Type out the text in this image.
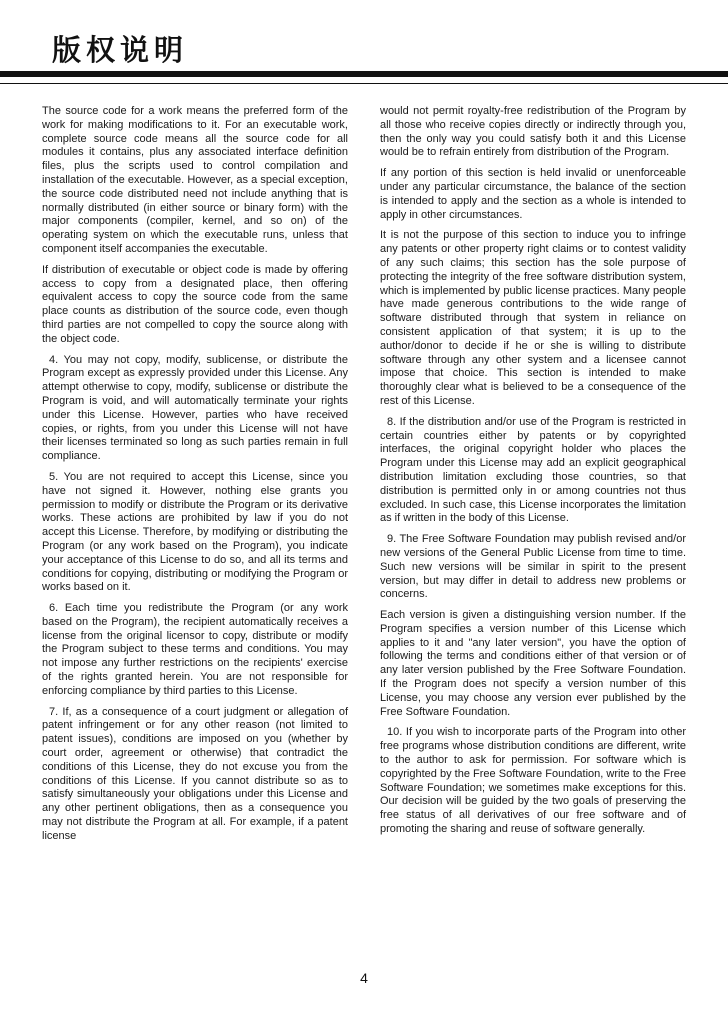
版权说明

The source code for a work means the preferred form of the work for making modifications to it. For an executable work, complete source code means all the source code for all modules it contains, plus any associated interface definition files, plus the scripts used to control compilation and installation of the executable. However, as a special exception, the source code distributed need not include anything that is normally distributed (in either source or binary form) with the major components (compiler, kernel, and so on) of the operating system on which the executable runs, unless that component itself accompanies the executable.

If distribution of executable or object code is made by offering access to copy from a designated place, then offering equivalent access to copy the source code from the same place counts as distribution of the source code, even though third parties are not compelled to copy the source along with the object code.

4. You may not copy, modify, sublicense, or distribute the Program except as expressly provided under this License. Any attempt otherwise to copy, modify, sublicense or distribute the Program is void, and will automatically terminate your rights under this License. However, parties who have received copies, or rights, from you under this License will not have their licenses terminated so long as such parties remain in full compliance.

5. You are not required to accept this License, since you have not signed it. However, nothing else grants you permission to modify or distribute the Program or its derivative works. These actions are prohibited by law if you do not accept this License. Therefore, by modifying or distributing the Program (or any work based on the Program), you indicate your acceptance of this License to do so, and all its terms and conditions for copying, distributing or modifying the Program or works based on it.

6. Each time you redistribute the Program (or any work based on the Program), the recipient automatically receives a license from the original licensor to copy, distribute or modify the Program subject to these terms and conditions. You may not impose any further restrictions on the recipients' exercise of the rights granted herein. You are not responsible for enforcing compliance by third parties to this License.

7. If, as a consequence of a court judgment or allegation of patent infringement or for any other reason (not limited to patent issues), conditions are imposed on you (whether by court order, agreement or otherwise) that contradict the conditions of this License, they do not excuse you from the conditions of this License. If you cannot distribute so as to satisfy simultaneously your obligations under this License and any other pertinent obligations, then as a consequence you may not distribute the Program at all. For example, if a patent license

would not permit royalty-free redistribution of the Program by all those who receive copies directly or indirectly through you, then the only way you could satisfy both it and this License would be to refrain entirely from distribution of the Program.

If any portion of this section is held invalid or unenforceable under any particular circumstance, the balance of the section is intended to apply and the section as a whole is intended to apply in other circumstances.

It is not the purpose of this section to induce you to infringe any patents or other property right claims or to contest validity of any such claims; this section has the sole purpose of protecting the integrity of the free software distribution system, which is implemented by public license practices. Many people have made generous contributions to the wide range of software distributed through that system in reliance on consistent application of that system; it is up to the author/donor to decide if he or she is willing to distribute software through any other system and a licensee cannot impose that choice. This section is intended to make thoroughly clear what is believed to be a consequence of the rest of this License.

8. If the distribution and/or use of the Program is restricted in certain countries either by patents or by copyrighted interfaces, the original copyright holder who places the Program under this License may add an explicit geographical distribution limitation excluding those countries, so that distribution is permitted only in or among countries not thus excluded. In such case, this License incorporates the limitation as if written in the body of this License.

9. The Free Software Foundation may publish revised and/or new versions of the General Public License from time to time. Such new versions will be similar in spirit to the present version, but may differ in detail to address new problems or concerns.

Each version is given a distinguishing version number. If the Program specifies a version number of this License which applies to it and "any later version", you have the option of following the terms and conditions either of that version or of any later version published by the Free Software Foundation. If the Program does not specify a version number of this License, you may choose any version ever published by the Free Software Foundation.

10. If you wish to incorporate parts of the Program into other free programs whose distribution conditions are different, write to the author to ask for permission. For software which is copyrighted by the Free Software Foundation, write to the Free Software Foundation; we sometimes make exceptions for this. Our decision will be guided by the two goals of preserving the free status of all derivatives of our free software and of promoting the sharing and reuse of software generally.

4
